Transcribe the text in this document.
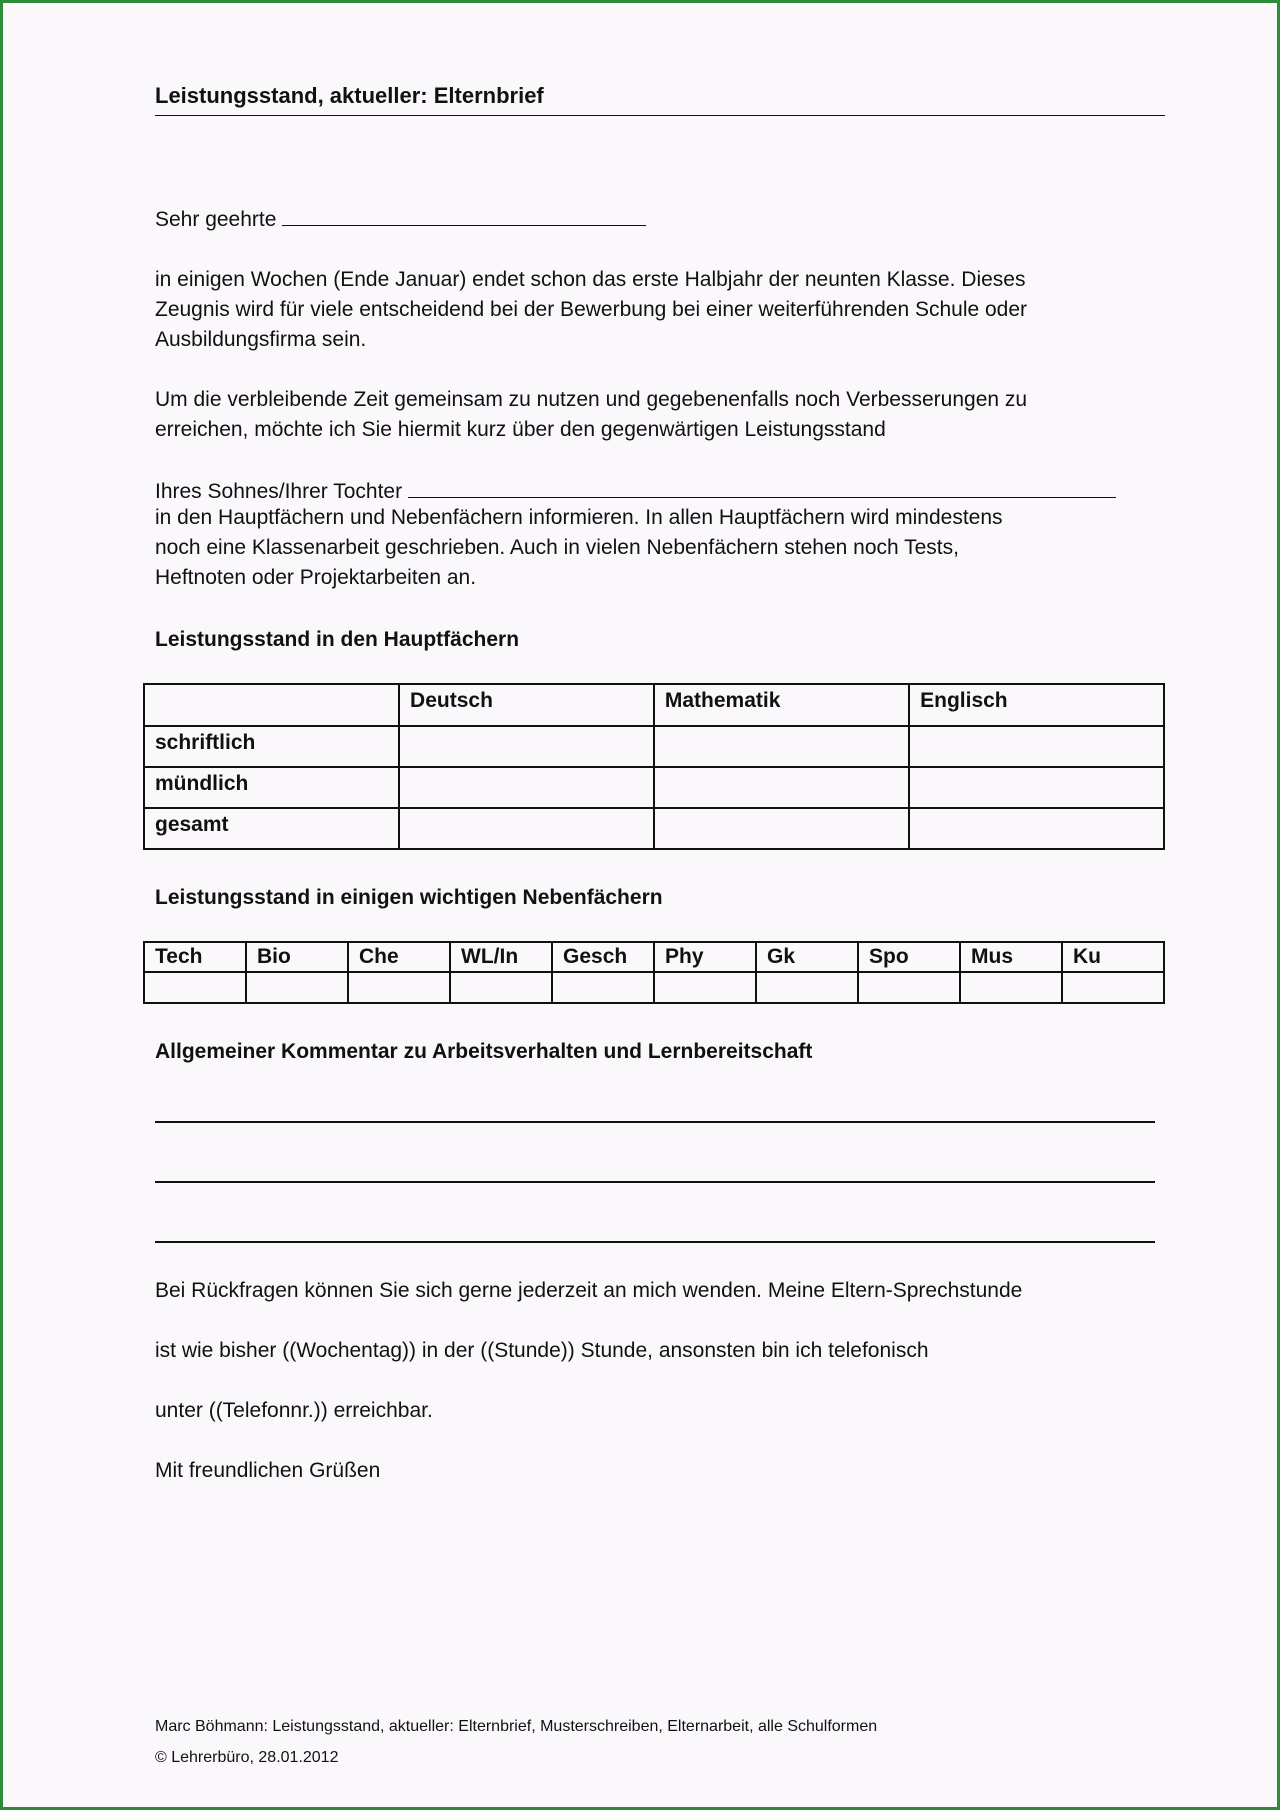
Leistungsstand, aktueller: Elternbrief
Sehr geehrte
in einigen Wochen (Ende Januar) endet schon das erste Halbjahr der neunten Klasse. Dieses
Zeugnis wird für viele entscheidend bei der Bewerbung bei einer weiterführenden Schule oder
Ausbildungsfirma sein.
Um die verbleibende Zeit gemeinsam zu nutzen und gegebenenfalls noch Verbesserungen zu
erreichen, möchte ich Sie hiermit kurz über den gegenwärtigen Leistungsstand
Ihres Sohnes/Ihrer Tochter
in den Hauptfächern und Nebenfächern informieren. In allen Hauptfächern wird mindestens
noch eine Klassenarbeit geschrieben. Auch in vielen Nebenfächern stehen noch Tests,
Heftnoten oder Projektarbeiten an.
Leistungsstand in den Hauptfächern
	Deutsch	Mathematik	Englisch
schriftlich			
mündlich			
gesamt			
Leistungsstand in einigen wichtigen Nebenfächern
Tech	Bio	Che	WL/In	Gesch	Phy	Gk	Spo	Mus	Ku

Allgemeiner Kommentar zu Arbeitsverhalten und Lernbereitschaft
Bei Rückfragen können Sie sich gerne jederzeit an mich wenden. Meine Eltern-Sprechstunde
ist wie bisher ((Wochentag)) in der ((Stunde)) Stunde, ansonsten bin ich telefonisch
unter ((Telefonnr.)) erreichbar.
Mit freundlichen Grüßen
Marc Böhmann: Leistungsstand, aktueller: Elternbrief, Musterschreiben, Elternarbeit, alle Schulformen
© Lehrerbüro, 28.01.2012
